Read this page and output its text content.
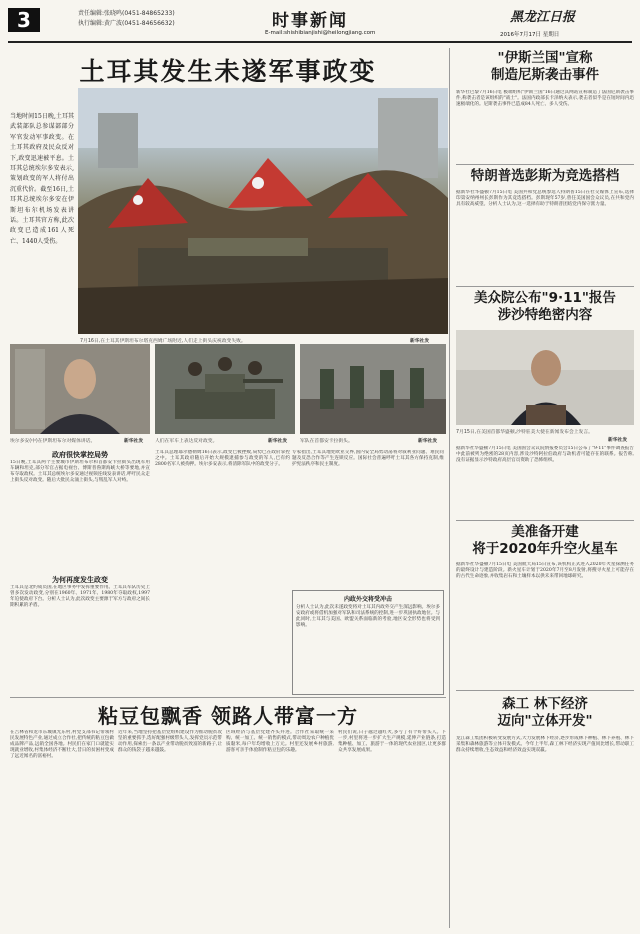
3	责任编辑:张晓鸣(0451-84865233)
执行编辑:黄广波(0451-84656632)	时事新闻
E-mail:shishibianjishi@heilongjiang.com
黑龙江日报
2016年7月17日 星期日
土耳其发生未遂军事政变
当地时间15日晚,土耳其武装部队总参谋部部分军官发动军事政变。在土耳其政府及民众反对下,政变迅速被平息。土耳其总统埃尔多安表示,策划政变的军人将付出沉重代价。截至16日,土耳其总统埃尔多安在伊斯坦布尔机场发表讲话。土耳其官方称,此次政变已造成161人死亡、1440人受伤。
7月16日,在土耳其伊斯坦布尔塔克西姆广场附近,人们走上街头庆祝政变失败。	新华社发
埃尔多安(中)在伊斯坦布尔对媒体讲话。	新华社发 人们在军车上表达反对政变。	新华社发	军队在首都安卡拉街头。	新华社发
政府很快掌控局势
15日晚,土耳其两个主要城市伊斯坦布尔和首都安卡拉街头出现军用车辆和坦克,部分军官占据电视台、博斯普鲁斯海峡大桥等要地,并宣布夺取政权。土耳其总统埃尔多安通过视频连线发表讲话,呼吁民众走上街头反对政变。随后大批民众涌上街头,与叛乱军人对峙。
为何再度发生政变
土耳其是北约成员国,在地区事务中发挥重要作用。土耳其军队历史上曾多次发动政变,分别在1960年、1971年、1980年夺取政权,1997年迫使政府下台。分析人士认为,此次政变主要源于军方与政府之间长期积累的矛盾。
土耳其总理耶尔德勒姆16日表示,政变已被挫败,局势已在政府掌控之中。土耳其政府随后开始大规模逮捕参与政变的军人,已有约2800名军人被拘押。埃尔多安表示,将清除军队中的政变分子。
专家指出,土耳其地处欧亚交界,国内安全局势动荡将对叙利亚问题、难民问题及反恐合作等产生连锁反应。国际社会普遍呼吁土耳其各方保持克制,维护宪法秩序和民主制度。
内政外交将受冲击
分析人士认为,此次未遂政变将对土耳其内政外交产生深远影响。埃尔多安政府或将借机加强对军队和司法系统的控制,进一步巩固执政地位。与此同时,土耳其与美国、欧盟关系面临新的考验,地区安全形势也将受到影响。
粘豆包飘香 领路人带富一方
在吉林省和龙市东城镇光东村,村党支部书记带领村民发展特色产业,通过成立合作社,把传统的粘豆包做成品牌产品,远销全国各地。村民们在家门口就能实现就业增收,村集体经济不断壮大,昔日的贫困村变成了远近闻名的富裕村。
近年来,当地坚持把基层党组织建设作为推动脱贫攻坚的重要抓手,选好配强村级带头人,发挥党员示范带动作用,探索出一条以产业带动脱贫致富的新路子,让群众的钱袋子越来越鼓。
区域经济与基层党建齐头并进。合作社采取统一采购、统一加工、统一销售的模式,带动周边农户种植优质黏米,每户年均增收上万元。村里还发展乡村旅游,游客可亲手体验制作粘豆包的乐趣。
村民们说,日子越过越红火,多亏了有个好带头人。下一步,村里将进一步扩大生产规模,延伸产业链条,打造集种植、加工、旅游于一体的现代农业园区,让更多群众共享发展成果。
"伊斯兰国"宣称
制造尼斯袭击事件
新华社巴黎7月16日电 极端组织"伊斯兰国"16日通过其网站宣称制造了法国尼斯袭击事件,称袭击者是该组织的"战士"。法国内政部长卡泽纳夫表示,袭击者似乎是在短时间内迅速极端化的。尼斯袭击事件已造成84人死亡、多人受伤。
特朗普选彭斯为竞选搭档
据新华社华盛顿7月15日电 美国共和党总统参选人特朗普15日在社交媒体上宣布,选择印第安纳州州长彭斯作为其竞选搭档。彭斯现年57岁,曾任美国国会众议员,在共和党内具有较高威望。分析人士认为,这一选择有助于特朗普团结党内保守派力量。
美众院公布"9·11"报告
涉沙特绝密内容
7月15日,在美国首都华盛顿,沙特驻美大使在新闻发布会上发言。
新华社发
据新华社华盛顿7月15日电 美国国会众议院情报委员会15日公布了"9·11"事件调查报告中此前被列为绝密的28页内容,涉及沙特阿拉伯政府与劫机者可能存在的联系。报告称,没有证据显示沙特政府高层官员资助了恐怖组织。
美准备开建
将于2020年升空火星车
据新华社华盛顿7月15日电 美国航天局15日宣布,该机构正式进入2020年火星探测任务的最终设计与建造阶段。新火星车计划于2020年7月至8月发射,将搜寻火星上可能存在的古代生命迹象,并收集岩石和土壤样本以供未来带回地球研究。
森工 林下经济
迈向"立体开发"
龙江森工集团积极转变发展方式,大力发展林下经济,逐步形成林下种植、林下养殖、林下采集和森林旅游等立体开发模式。今年上半年,森工林下经济实现产值同比增长,带动职工群众持续增收,生态效益和经济效益实现双赢。
